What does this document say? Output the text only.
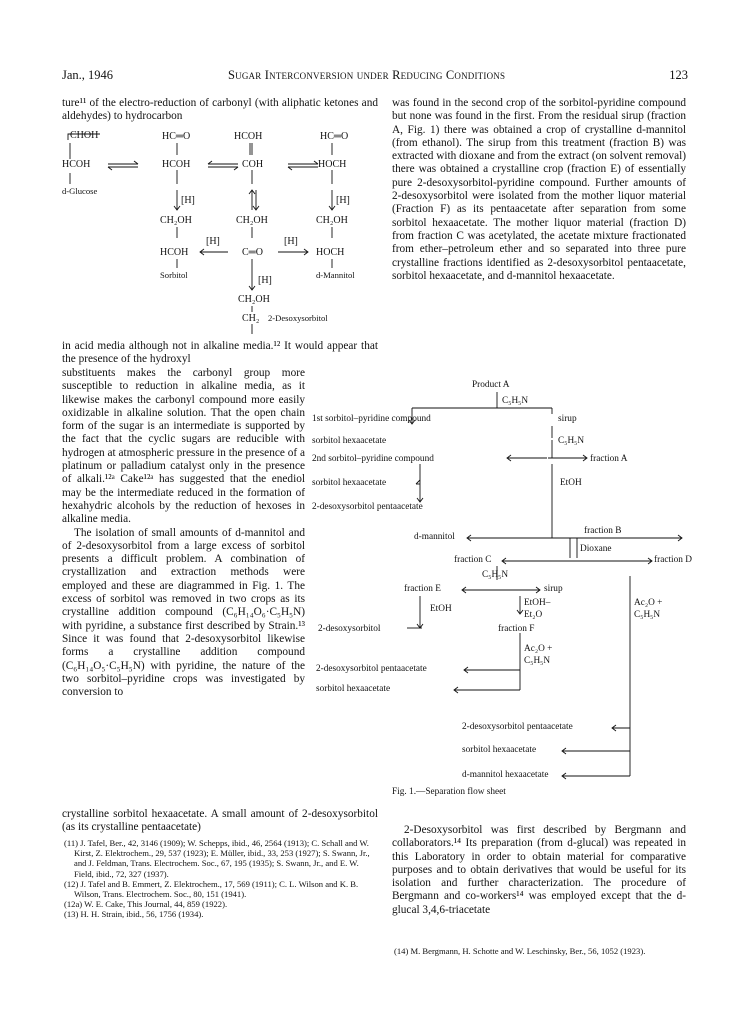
Jan., 1946	Sugar Interconversion under Reducing Conditions	123

ture¹¹ of the electro-reduction of carbonyl (with aliphatic ketones and aldehydes) to hydrocarbon

CHOH
HCOH
d-Glucose
HC═O
HCOH
HCOH
COH
HC═O
HOCH
[H]	[H]
CH₂OH
HCOH
CH₂OH
C═O
CH₂OH
HOCH
[H]	[H]
Sorbitol	d-Mannitol
[H]
CH₂OH
CH₂ 2-Desoxysorbitol

in acid media although not in alkaline media.¹² It would appear that the presence of the hydroxyl

substituents makes the carbonyl group more susceptible to reduction in alkaline media, as it likewise makes the carbonyl compound more easily oxidizable in alkaline solution. That the open chain form of the sugar is an intermediate is supported by the fact that the cyclic sugars are reducible with hydrogen at atmospheric pressure in the presence of a platinum or palladium catalyst only in the presence of alkali.¹²ᵃ Cake¹²ᵃ has suggested that the enediol may be the intermediate reduced in the formation of hexahydric alcohols by the reduction of hexoses in alkaline media.

The isolation of small amounts of d-mannitol and of 2-desoxysorbitol from a large excess of sorbitol presents a difficult problem. A combination of crystallization and extraction methods were employed and these are diagrammed in Fig. 1. The excess of sorbitol was removed in two crops as its crystalline addition compound (C₆H₁₄O₆·C₅H₅N) with pyridine, a substance first described by Strain.¹³ Since it was found that 2-desoxysorbitol likewise forms a crystalline addition compound (C₆H₁₄O₅·C₅H₅N) with pyridine, the nature of the two sorbitol–pyridine crops was investigated by conversion to

crystalline sorbitol hexaacetate. A small amount of 2-desoxysorbitol (as its crystalline pentaacetate)

(11) J. Tafel, Ber., 42, 3146 (1909); W. Schepps, ibid., 46, 2564 (1913); C. Schall and W. Kirst, Z. Elektrochem., 29, 537 (1923); E. Müller, ibid., 33, 253 (1927); S. Swann, Jr., and J. Feldman, Trans. Electrochem. Soc., 67, 195 (1935); S. Swann, Jr., and E. W. Field, ibid., 72, 327 (1937).

(12) J. Tafel and B. Emmert, Z. Elektrochem., 17, 569 (1911); C. L. Wilson and K. B. Wilson, Trans. Electrochem. Soc., 80, 151 (1941).

(12a) W. E. Cake, This Journal, 44, 859 (1922).

(13) H. H. Strain, ibid., 56, 1756 (1934).

was found in the second crop of the sorbitol-pyridine compound but none was found in the first. From the residual sirup (fraction A, Fig. 1) there was obtained a crop of crystalline d-mannitol (from ethanol). The sirup from this treatment (fraction B) was extracted with dioxane and from the extract (on solvent removal) there was obtained a crystalline crop (fraction E) of essentially pure 2-desoxysorbitol-pyridine compound. Further amounts of 2-desoxysorbitol were isolated from the mother liquor material (Fraction F) as its pentaacetate after separation from some sorbitol hexaacetate. The mother liquor material (fraction D) from fraction C was acetylated, the acetate mixture fractionated from ether–petroleum ether and so separated into three pure crystalline fractions identified as 2-desoxysorbitol pentaacetate, sorbitol hexaacetate, and d-mannitol hexaacetate.

Product A
C₅H₅N
1st sorbitol–pyridine compound	sirup
sorbitol hexaacetate	C₅H₅N
2nd sorbitol–pyridine compound	fraction A
sorbitol hexaacetate	EtOH
2-desoxysorbitol pentaacetate
d-mannitol
fraction B
Dioxane
fraction C	fraction D
C₅H₅N
fraction E	sirup
EtOH
EtOH–
Et₂O
Ac₂O +
C₅H₅N
2-desoxysorbitol	fraction F
Ac₂O +
C₅H₅N
2-desoxysorbitol pentaacetate
sorbitol hexaacetate
2-desoxysorbitol pentaacetate
sorbitol hexaacetate
d-mannitol hexaacetate
Fig. 1.—Separation flow sheet

2-Desoxysorbitol was first described by Bergmann and collaborators.¹⁴ Its preparation (from d-glucal) was repeated in this Laboratory in order to obtain material for comparative purposes and to obtain derivatives that would be useful for its isolation and further characterization. The procedure of Bergmann and co-workers¹⁴ was employed except that the d-glucal 3,4,6-triacetate

(14) M. Bergmann, H. Schotte and W. Leschinsky, Ber., 56, 1052 (1923).
